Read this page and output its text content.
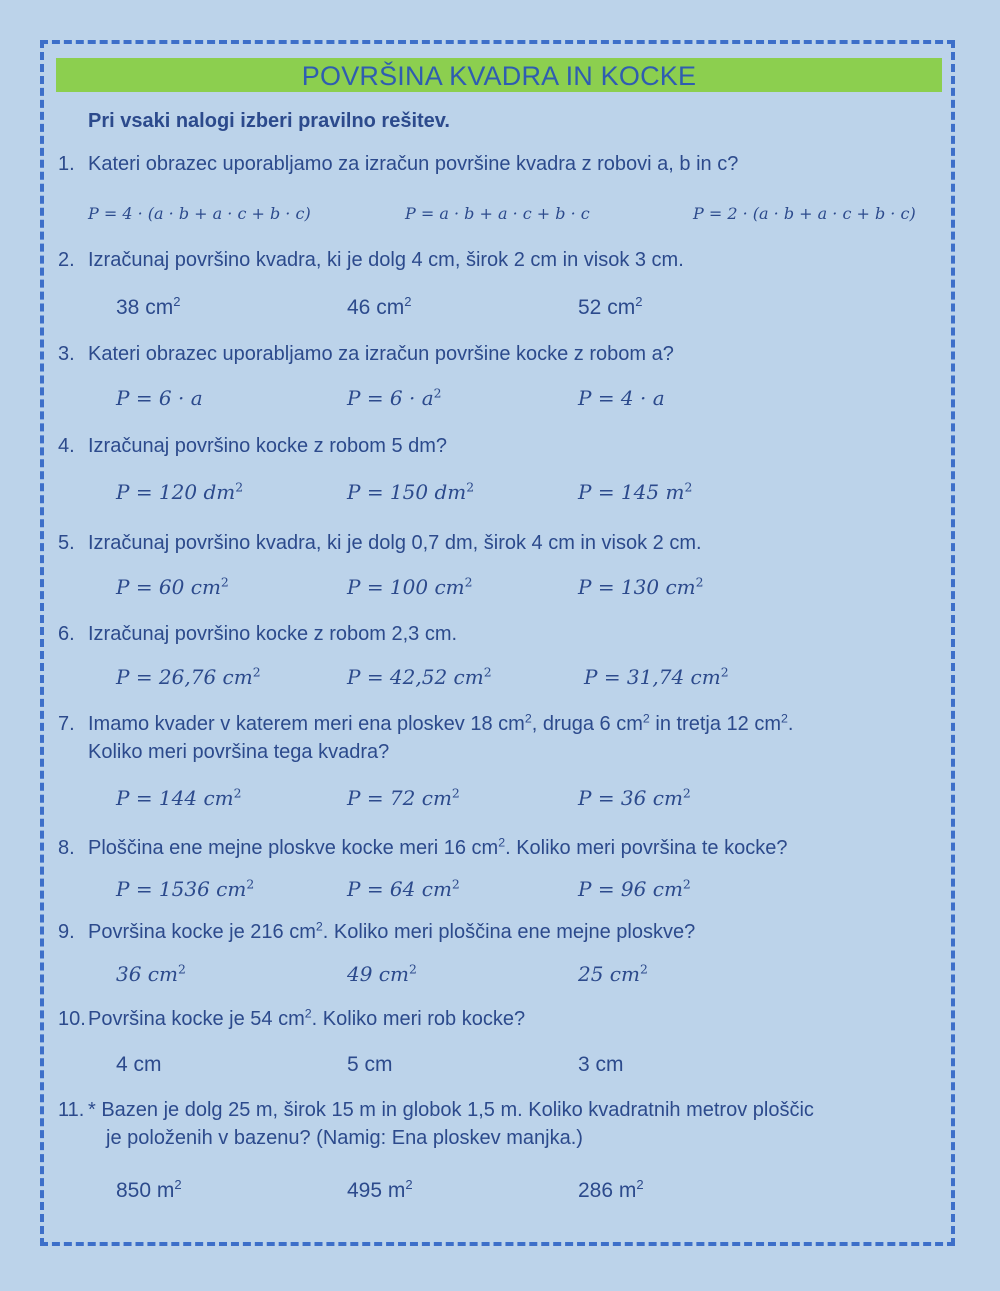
POVRŠINA KVADRA IN KOCKE
Pri vsaki nalogi izberi pravilno rešitev.
1. Kateri obrazec uporabljamo za izračun površine kvadra z robovi a, b in c?
P = 4 · (a · b + a · c + b · c)	P = a · b + a · c + b · c	P = 2 · (a · b + a · c + b · c)
2. Izračunaj površino kvadra, ki je dolg 4 cm, širok 2 cm in visok 3 cm.
38 $cm^2$	46 $cm^2$	52 $cm^2$
3. Kateri obrazec uporabljamo za izračun površine kocke z robom a?
P = 6 · a	$P = 6 \cdot a^2$	P = 4 · a
4. Izračunaj površino kocke z robom 5 dm?
P = 120 $dm^2$	P = 150 $dm^2$	P = 145 $m^2$
5. Izračunaj površino kvadra, ki je dolg 0,7 dm, širok 4 cm in visok 2 cm.
P = 60 $cm^2$	P = 100 $cm^2$	P = 130 $cm^2$
6. Izračunaj površino kocke z robom 2,3 cm.
P = 26,76 $cm^2$	P = 42,52 $cm^2$	P = 31,74 $cm^2$
7. Imamo kvader v katerem meri ena ploskev 18 $cm^2$, druga 6 $cm^2$ in tretja 12 $cm^2$.
Koliko meri površina tega kvadra?
P = 144 $cm^2$	P = 72 $cm^2$	P = 36 $cm^2$
8. Ploščina ene mejne ploskve kocke meri 16 $cm^2$. Koliko meri površina te kocke?
P = 1536 $cm^2$	P = 64 $cm^2$	P = 96 $cm^2$
9. Površina kocke je 216 $cm^2$. Koliko meri ploščina ene mejne ploskve?
36 $cm^2$	49 $cm^2$	25 $cm^2$
10. Površina kocke je 54 $cm^2$. Koliko meri rob kocke?
4 cm	5 cm	3 cm
11. * Bazen je dolg 25 m, širok 15 m in globok 1,5 m. Koliko kvadratnih metrov ploščic
je položenih v bazenu? (Namig: Ena ploskev manjka.)
850 $m^2$	495 $m^2$	286 $m^2$
